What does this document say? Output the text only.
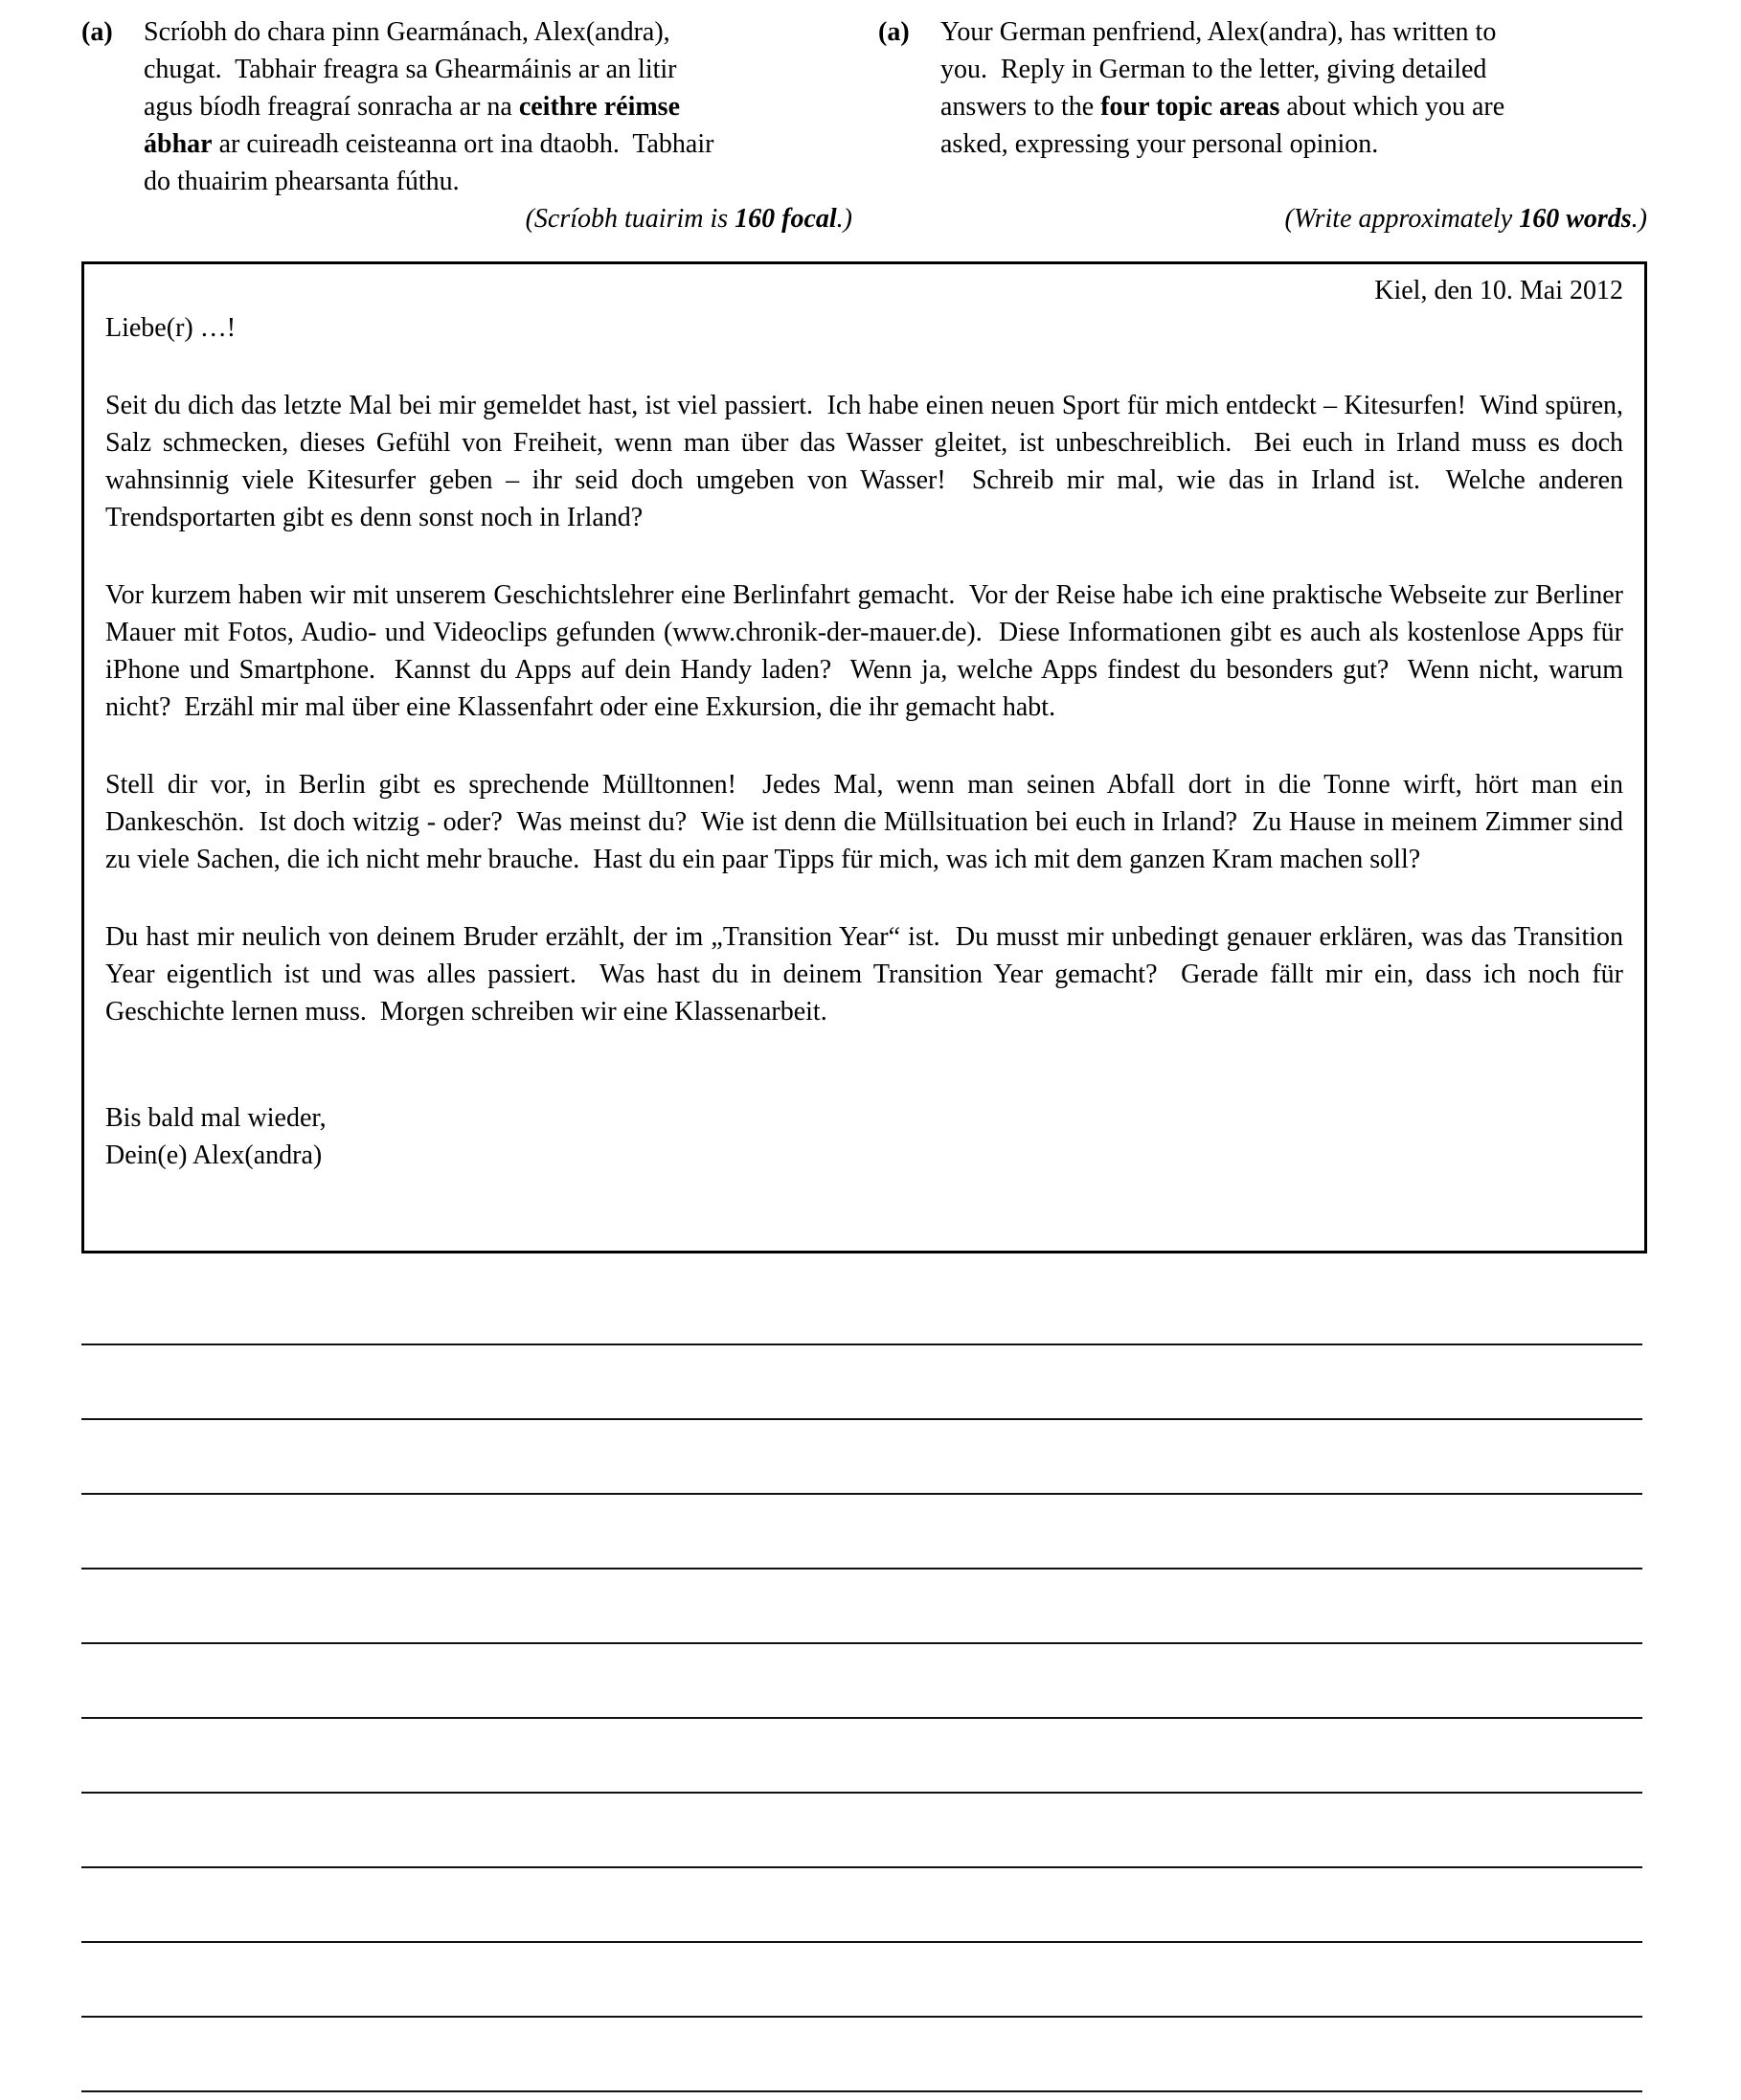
(a)	Scríobh do chara pinn Gearmánach, Alex(andra),
chugat.  Tabhair freagra sa Ghearmáinis ar an litir
agus bíodh freagraí sonracha ar na ceithre réimse
ábhar ar cuireadh ceisteanna ort ina dtaobh.  Tabhair
do thuairim phearsanta fúthu.
(Scríobh tuairim is 160 focal.)
(a)	Your German penfriend, Alex(andra), has written to
you.  Reply in German to the letter, giving detailed
answers to the four topic areas about which you are
asked, expressing your personal opinion.
(Write approximately 160 words.)

Kiel, den 10. Mai 2012

Liebe(r) …!

Seit du dich das letzte Mal bei mir gemeldet hast, ist viel passiert.  Ich habe einen neuen Sport für mich entdeckt – Kitesurfen!  Wind spüren, Salz schmecken, dieses Gefühl von Freiheit, wenn man über das Wasser gleitet, ist unbeschreiblich.  Bei euch in Irland muss es doch wahnsinnig viele Kitesurfer geben – ihr seid doch umgeben von Wasser!  Schreib mir mal, wie das in Irland ist.  Welche anderen Trendsportarten gibt es denn sonst noch in Irland?

Vor kurzem haben wir mit unserem Geschichtslehrer eine Berlinfahrt gemacht.  Vor der Reise habe ich eine praktische Webseite zur Berliner Mauer mit Fotos, Audio- und Videoclips gefunden (www.chronik-der-mauer.de).  Diese Informationen gibt es auch als kostenlose Apps für iPhone und Smartphone.  Kannst du Apps auf dein Handy laden?  Wenn ja, welche Apps findest du besonders gut?  Wenn nicht, warum nicht?  Erzähl mir mal über eine Klassenfahrt oder eine Exkursion, die ihr gemacht habt.

Stell dir vor, in Berlin gibt es sprechende Mülltonnen!  Jedes Mal, wenn man seinen Abfall dort in die Tonne wirft, hört man ein Dankeschön.  Ist doch witzig - oder?  Was meinst du?  Wie ist denn die Müllsituation bei euch in Irland?  Zu Hause in meinem Zimmer sind zu viele Sachen, die ich nicht mehr brauche.  Hast du ein paar Tipps für mich, was ich mit dem ganzen Kram machen soll?

Du hast mir neulich von deinem Bruder erzählt, der im „Transition Year“ ist.  Du musst mir unbedingt genauer erklären, was das Transition Year eigentlich ist und was alles passiert.  Was hast du in deinem Transition Year gemacht?  Gerade fällt mir ein, dass ich noch für Geschichte lernen muss.  Morgen schreiben wir eine Klassenarbeit.

Bis bald mal wieder,

Dein(e) Alex(andra)
